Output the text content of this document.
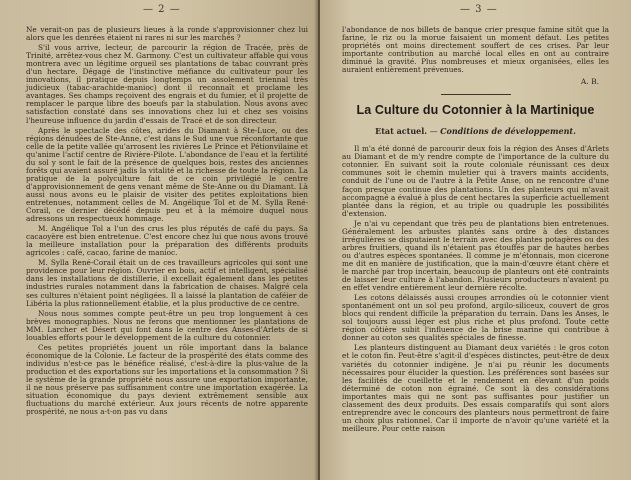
— 2 —

Ne verait-on pas de plusieurs lieues à la ronde s'approvisionner chez lui alors que les denrées étaient ni rares ni sur les marchés ?

S'il vous arrive, lecteur, de parcourir la région de Tracée, près de Trinité, arrêtez-vous chez M. Garmony. C'est un cultivateur affable qui vous montrera avec un légitime orgueil ses plantations de tabac couvrant près d'un hectare. Dégagé de l'instinctive méfiance du cultivateur pour les innovations, il pratique depuis longtemps un assolement triennal très judicieux (tabac-arachide-manioc) dont il reconnaît et proclame les avantages. Ses champs reçoivent des engrais et du fumier, et il projette de remplacer le parque libre des boeufs par la stabulation. Nous avons avec satisfaction constaté dans ses innovations chez lui et chez ses voisins l'heureuse influence du jardin d'essais de Tracé et de son directeur.

Après le spectacle des côtes, arides du Diamant à Ste-Luce, ou des régions dénudées de Ste-Anne, c'est dans le Sud une vue réconfortante que celle de la petite vallée qu'arrosent les rivières Le Prince et Pétionvilaine et qu'anime l'actif centre de Rivière-Pilote. L'abondance de l'eau et la fertilité du sol y sont le fait de la présence de quelques bois, restes des anciennes forêts qui avaient assuré jadis la vitalité et la richesse de toute la région. La pratique de la polyculture fait de ce coin privilégié le centre d'approvisionnement de gens venant même de Ste-Anne ou du Diamant. Là aussi nous avons eu le plaisir de visiter des petites exploitations bien entretenues, notamment celles de M. Angélique Tol et de M. Sylla René-Corail, ce dernier décédé depuis peu et à la mémoire duquel nous adressons un respectueux hommage.

M. Angélique Tol a l'un des crus les plus réputés de café du pays. Sa cacaoyère est bien entretenue. C'est encore chez lui que nous avons trouvé la meilleure installation pour la préparation des différents produits agricoles : café, cacao, farine de manioc.

M. Sylla René-Corail était un de ces travailleurs agricoles qui sont une providence pour leur région. Ouvrier en bois, actif et intelligent, spécialisé dans les installations de distillerie, il excellait également dans les petites industries rurales notamment dans la fabrication de chaises. Malgré cela ses cultures n'étaient point négligées. Il a laissé la plantation de caféier de Libéria la plus rationnellement établie, et la plus productive de ce centre.

Nous nous sommes compte peut-être un peu trop longuement à ces brèves monographies. Nous ne ferons que mentionner les plantations de MM. Larcher et Désert qui font dans le centre des Anses-d'Arlets de si louables efforts pour le développement de la culture du cotonnier.

Ces petites propriétés jouent un rôle important dans la balance économique de la Colonie. Le facteur de la prospérité des états comme des individus n'est-ce pas le bénéfice réalisé, c'est-à-dire la plus-value de la production et des exportations sur les importations et la consommation ? Si le système de la grande propriété nous assure une exportation importante, il ne nous préserve pas suffisamment contre une importation exagérée. La situation économique du pays devient extrêmement sensible aux fluctuations du marché extérieur. Aux jours récents de notre apparente prospérité, ne nous a-t-on pas vu dans

— 3 —

l'abondance de nos billets de banque crier presque famine sitôt que la farine, le riz ou la morue faisaient un moment défaut. Les petites propriétés ont moins directement souffert de ces crises. Par leur importante contribution au marché local elles en ont au contraire diminué la gravité. Plus nombreuses et mieux organisées, elles les auraient entièrement prévenues.

A. B.
La Culture du Cotonnier à la Martinique
Etat actuel. — Conditions de développement.

Il m'a été donné de parcourir deux fois la région des Anses d'Arlets au Diamant et de m'y rendre compte de l'importance de la culture du cotonnier. En suivant soit la route coloniale réunissant ces deux communes soit le chemin muletier qui à travers maints accidents, conduit de l'une ou de l'autre à la Petite Anse, on ne rencontre d'une façon presque continue des plantations. Un des planteurs qui m'avait accompagné a évalué à plus de cent hectares la superficie actuellement plantée dans la région, et au triple ou quadruple les possibilités d'extension.

Je n'ai vu cependant que très peu de plantations bien entretenues. Généralement les arbustes plantés sans ordre à des distances irrégulières se disputaient le terrain avec des plantes potagères ou des arbres fruitiers, quand ils n'étaient pas étouffés par de hautes herbes ou d'autres espèces spontanées. Il comme je m'étonnais, mon cicerone me dit en manière de justification, que la main-d'œuvre étant chère et le marché par trop incertain, beaucoup de planteurs ont été contraints de laisser leur culture à l'abandon. Plusieurs producteurs n'avaient pu en effet vendre entièrement leur dernière récolte.

Les cotons délaissés aussi croupes arrondies où le cotonnier vient spontanément ont un sol peu profond, argilo-siliceux, couvert de gros blocs qui rendent difficile la préparation du terrain. Dans les Anses, le sol toujours aussi léger est plus riche et plus profond. Toute cette région côtière subit l'influence de la brise marine qui contribue à donner au coton ses qualités spéciales de finesse.

Les planteurs distinguent au Diamant deux variétés : le gros coton et le coton fin. Peut-être s'agit-il d'espèces distinctes, peut-être de deux variétés du cotonnier indigène. Je n'ai pu réunir les documents nécessaires pour élucider la question. Les préférences sont basées sur les facilités de cueillette et le rendement en élevant d'un poids déterminé de coton non égrainé. Ce sont là des considérations importantes mais qui ne sont pas suffisantes pour justifier un classement des deux produits. Des essais comparatifs qui sont alors entreprendre avec le concours des planteurs nous permettront de faire un choix plus rationnel. Car il importe de n'avoir qu'une variété et la meilleure. Pour cette raison
